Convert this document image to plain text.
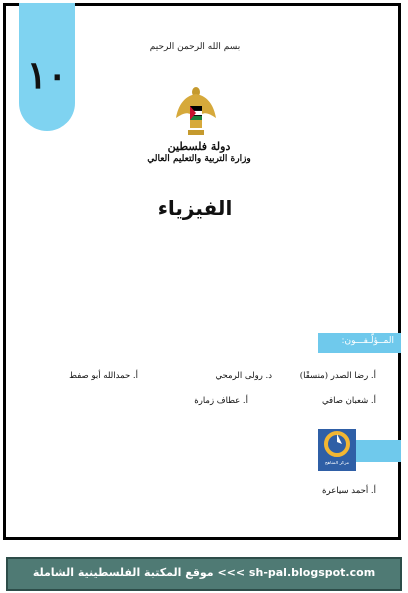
١٠
بسم الله الرحمن الرحيم
دولة فلسطين
وزارة التربية والتعليم العالي
الفيزياء
المــؤلّـفـــون:
أ. رضا الصدر (منسقًا)
د. رولى الرمحي
أ. حمدالله أبو صفط
أ. شعبان صافي
أ. عطاف زمارة
أ. أحمد سياعرة
مركز المناهج
موقع المكتبة الفلسطينية الشاملة <<< sh-pal.blogspot.com
